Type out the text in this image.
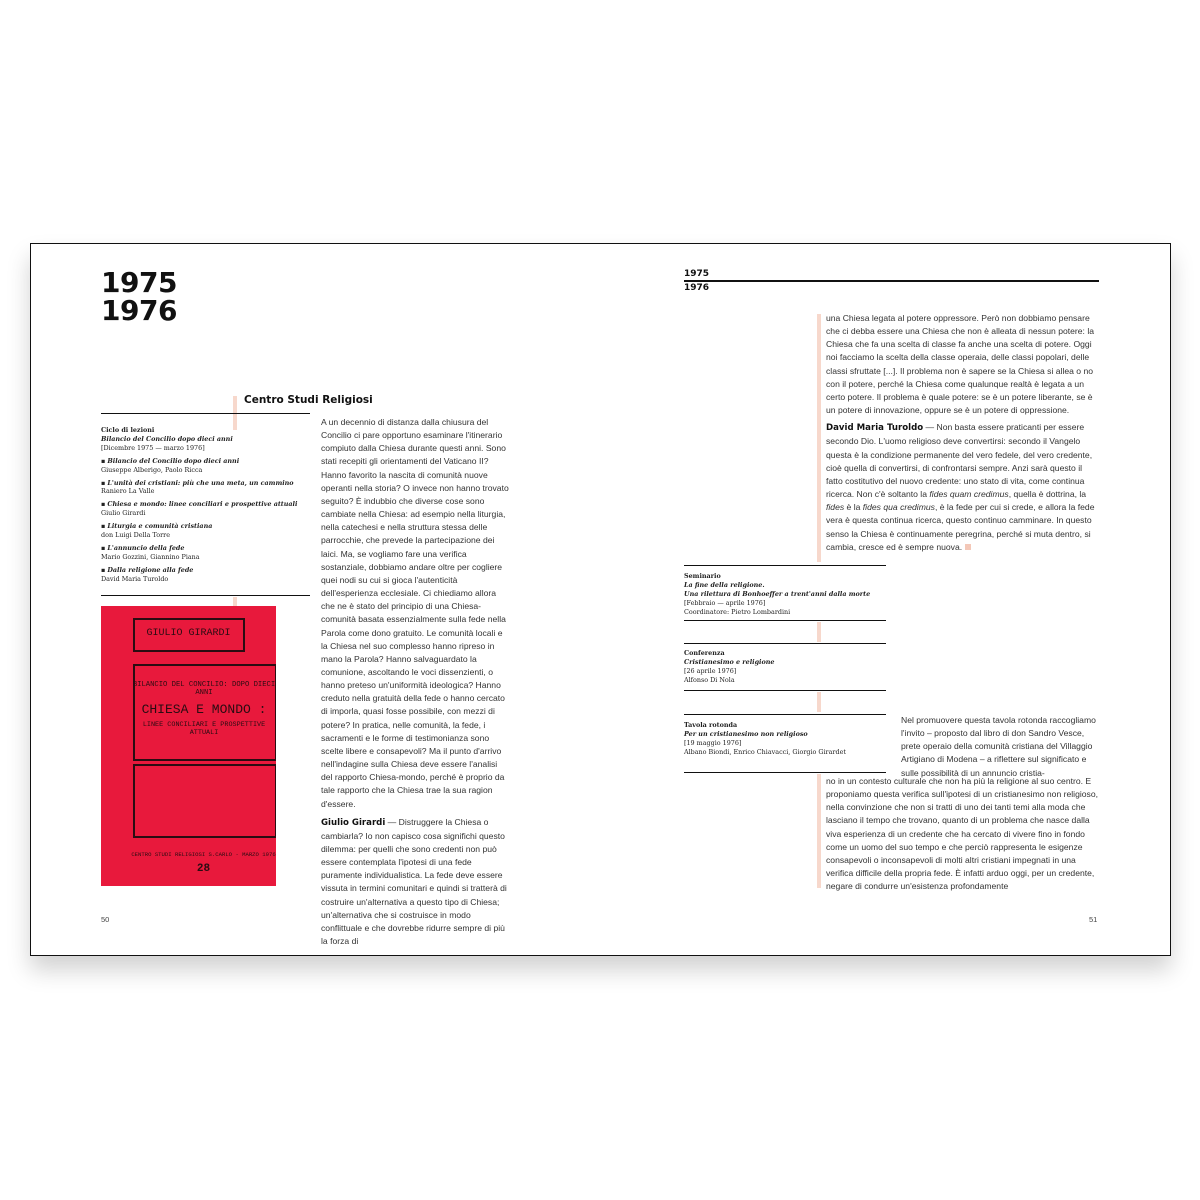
1975
1976
Centro Studi Religiosi
Ciclo di lezioni
Bilancio del Concilio dopo dieci anni
[Dicembre 1975 — marzo 1976]
▪ Bilancio del Concilio dopo dieci anni
Giuseppe Alberigo, Paolo Ricca
▪ L'unità dei cristiani: più che una meta, un cammino
Raniero La Valle
▪ Chiesa e mondo: linee conciliari e prospettive attuali
Giulio Girardi
▪ Liturgia e comunità cristiana
don Luigi Della Torre
▪ L'annuncio della fede
Mario Gozzini, Giannino Piana
▪ Dalla religione alla fede
David Maria Turoldo
GIULIO GIRARDI
BILANCIO DEL CONCILIO: DOPO DIECI ANNI
CHIESA E MONDO :
LINEE CONCILIARI E PROSPETTIVE ATTUALI
CENTRO STUDI RELIGIOSI S.CARLO · MARZO 1976
28

A un decennio di distanza dalla chiusura del Concilio ci pare opportuno esaminare l'itinerario compiuto dalla Chiesa durante questi anni. Sono stati recepiti gli orientamenti del Vaticano II? Hanno favorito la nascita di comunità nuove operanti nella storia? O invece non hanno trovato seguito? È indubbio che diverse cose sono cambiate nella Chiesa: ad esempio nella liturgia, nella catechesi e nella struttura stessa delle parrocchie, che prevede la partecipazione dei laici. Ma, se vogliamo fare una verifica sostanziale, dobbiamo andare oltre per cogliere quei nodi su cui si gioca l'autenticità dell'esperienza ecclesiale. Ci chiediamo allora che ne è stato del principio di una Chiesa-comunità basata essenzialmente sulla fede nella Parola come dono gratuito. Le comunità locali e la Chiesa nel suo complesso hanno ripreso in mano la Parola? Hanno salvaguardato la comunione, ascoltando le voci dissenzienti, o hanno preteso un'uniformità ideologica? Hanno creduto nella gratuità della fede o hanno cercato di imporla, quasi fosse possibile, con mezzi di potere? In pratica, nelle comunità, la fede, i sacramenti e le forme di testimonianza sono scelte libere e consapevoli? Ma il punto d'arrivo nell'indagine sulla Chiesa deve essere l'analisi del rapporto Chiesa-mondo, perché è proprio da tale rapporto che la Chiesa trae la sua ragion d'essere.

Giulio Girardi — Distruggere la Chiesa o cambiarla? Io non capisco cosa significhi questo dilemma: per quelli che sono credenti non può essere contemplata l'ipotesi di una fede puramente individualistica. La fede deve essere vissuta in termini comunitari e quindi si tratterà di costruire un'alternativa a questo tipo di Chiesa; un'alternativa che si costruisce in modo conflittuale e che dovrebbe ridurre sempre di più la forza di

50
1975
1976

una Chiesa legata al potere oppressore. Però non dobbiamo pensare che ci debba essere una Chiesa che non è alleata di nessun potere: la Chiesa che fa una scelta di classe fa anche una scelta di potere. Oggi noi facciamo la scelta della classe operaia, delle classi popolari, delle classi sfruttate [...]. Il problema non è sapere se la Chiesa si allea o no con il potere, perché la Chiesa come qualunque realtà è legata a un certo potere. Il problema è quale potere: se è un potere liberante, se è un potere di innovazione, oppure se è un potere di oppressione.

David Maria Turoldo — Non basta essere praticanti per essere secondo Dio. L'uomo religioso deve convertirsi: secondo il Vangelo questa è la condizione permanente del vero fedele, del vero credente, cioè quella di convertirsi, di confrontarsi sempre. Anzi sarà questo il fatto costitutivo del nuovo credente: uno stato di vita, come continua ricerca. Non c'è soltanto la fides quam credimus, quella è dottrina, la fides è la fides qua credimus, è la fede per cui si crede, e allora la fede vera è questa continua ricerca, questo continuo camminare. In questo senso la Chiesa è continuamente peregrina, perché si muta dentro, si cambia, cresce ed è sempre nuova.

Seminario
La fine della religione.
Una rilettura di Bonhoeffer a trent'anni dalla morte
[Febbraio — aprile 1976]
Coordinatore: Pietro Lombardini
Conferenza
Cristianesimo e religione
[26 aprile 1976]
Alfonso Di Nola
Tavola rotonda
Per un cristianesimo non religioso
[19 maggio 1976]
Albano Biondi, Enrico Chiavacci, Giorgio Girardet

Nel promuovere questa tavola rotonda raccogliamo l'invito – proposto dal libro di don Sandro Vesce, prete operaio della comunità cristiana del Villaggio Artigiano di Modena – a riflettere sul significato e sulle possibilità di un annuncio cristia-

no in un contesto culturale che non ha più la religione al suo centro. E proponiamo questa verifica sull'ipotesi di un cristianesimo non religioso, nella convinzione che non si tratti di uno dei tanti temi alla moda che lasciano il tempo che trovano, quanto di un problema che nasce dalla viva esperienza di un credente che ha cercato di vivere fino in fondo come un uomo del suo tempo e che perciò rappresenta le esigenze consapevoli o inconsapevoli di molti altri cristiani impegnati in una verifica difficile della propria fede. È infatti arduo oggi, per un credente, negare di condurre un'esistenza profondamente

51
